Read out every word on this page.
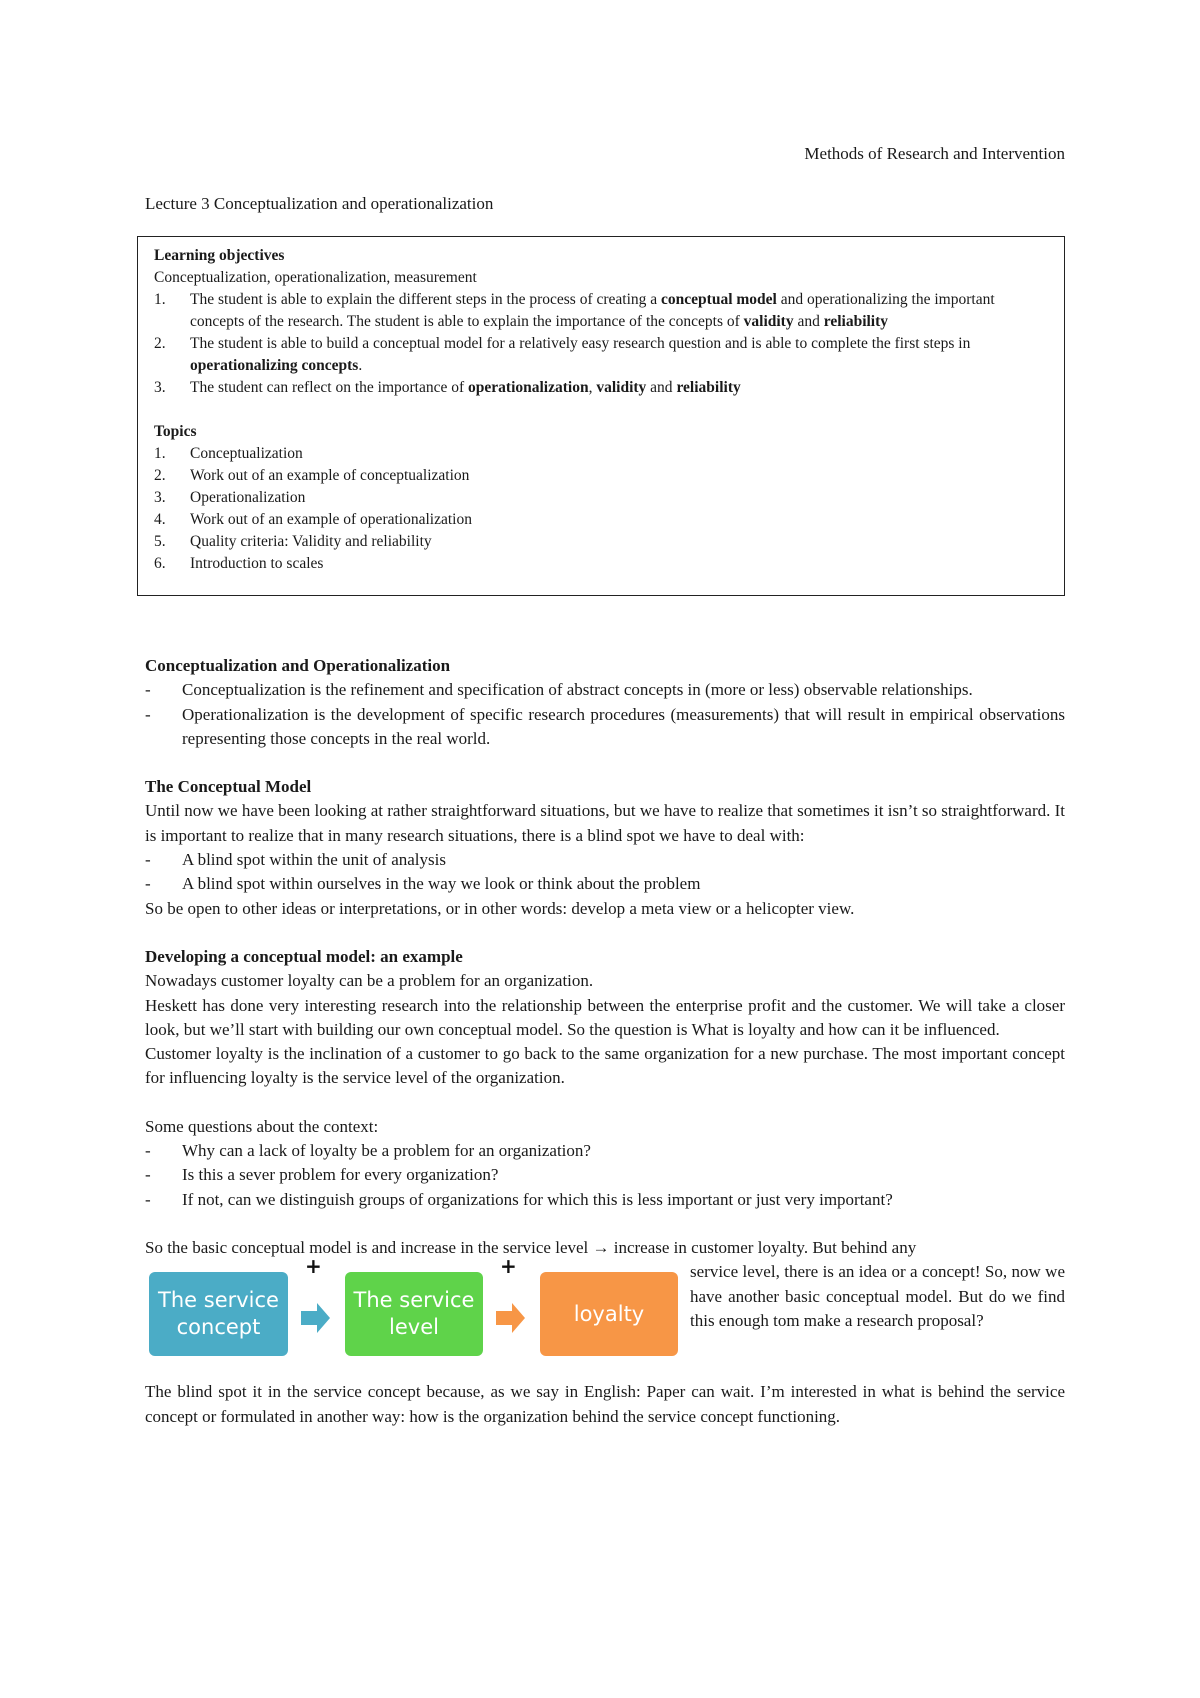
Methods of Research and Intervention
Lecture 3 Conceptualization and operationalization
Learning objectives
Conceptualization, operationalization, measurement
1.	The student is able to explain the different steps in the process of creating a conceptual model and operationalizing the important concepts of the research. The student is able to explain the importance of the concepts of validity and reliability
2.	The student is able to build a conceptual model for a relatively easy research question and is able to complete the first steps in operationalizing concepts.
3.	The student can reflect on the importance of operationalization, validity and reliability
Topics
1.	Conceptualization
2.	Work out of an example of conceptualization
3.	Operationalization
4.	Work out of an example of operationalization
5.	Quality criteria: Validity and reliability
6.	Introduction to scales
Conceptualization and Operationalization
-	Conceptualization is the refinement and specification of abstract concepts in (more or less) observable relationships.
-	Operationalization is the development of specific research procedures (measurements) that will result in empirical observations representing those concepts in the real world.
The Conceptual Model
Until now we have been looking at rather straightforward situations, but we have to realize that sometimes it isn’t so straightforward. It is important to realize that in many research situations, there is a blind spot we have to deal with:
-	A blind spot within the unit of analysis
-	A blind spot within ourselves in the way we look or think about the problem
So be open to other ideas or interpretations, or in other words: develop a meta view or a helicopter view.
Developing a conceptual model: an example
Nowadays customer loyalty can be a problem for an organization.
Heskett has done very interesting research into the relationship between the enterprise profit and the customer. We will take a closer look, but we’ll start with building our own conceptual model. So the question is What is loyalty and how can it be influenced.
Customer loyalty is the inclination of a customer to go back to the same organization for a new purchase. The most important concept for influencing loyalty is the service level of the organization.
Some questions about the context:
-	Why can a lack of loyalty be a problem for an organization?
-	Is this a sever problem for every organization?
-	If not, can we distinguish groups of organizations for which this is less important or just very important?
So the basic conceptual model is and increase in the service level → increase in customer loyalty. But behind any
The service concept
+
The service level
+
loyalty
service level, there is an idea or a concept! So, now we have another basic conceptual model. But do we find this enough tom make a research proposal?
The blind spot it in the service concept because, as we say in English: Paper can wait. I’m interested in what is behind the service concept or formulated in another way: how is the organization behind the service concept functioning.
